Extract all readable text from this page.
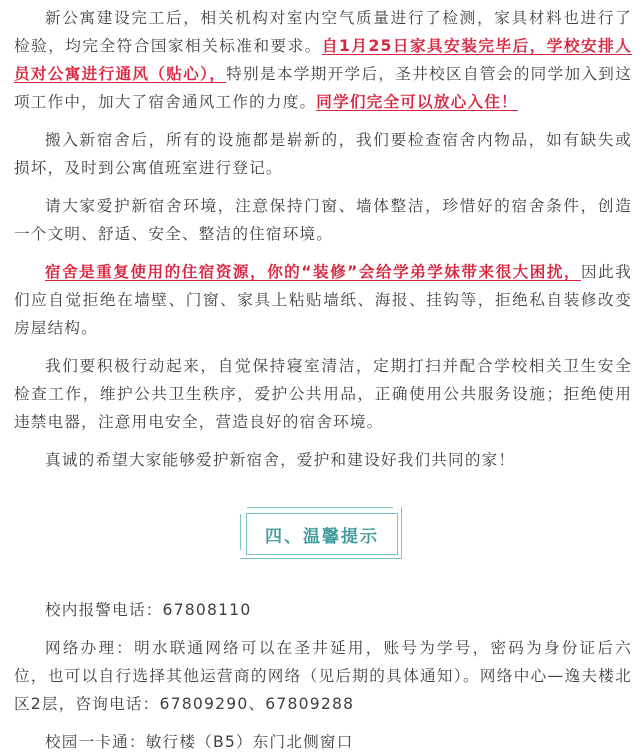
新公寓建设完工后，相关机构对室内空气质量进行了检测，家具材料也进行了检验，均完全符合国家相关标准和要求。自1月25日家具安装完毕后，学校安排人员对公寓进行通风（贴心），特别是本学期开学后，圣井校区自管会的同学加入到这项工作中，加大了宿舍通风工作的力度。同学们完全可以放心入住！

搬入新宿舍后，所有的设施都是崭新的，我们要检查宿舍内物品，如有缺失或损坏，及时到公寓值班室进行登记。

请大家爱护新宿舍环境，注意保持门窗、墙体整洁，珍惜好的宿舍条件，创造一个文明、舒适、安全、整洁的住宿环境。

宿舍是重复使用的住宿资源，你的“装修”会给学弟学妹带来很大困扰，因此我们应自觉拒绝在墙壁、门窗、家具上粘贴墙纸、海报、挂钩等，拒绝私自装修改变房屋结构。

我们要积极行动起来，自觉保持寝室清洁，定期打扫并配合学校相关卫生安全检查工作，维护公共卫生秩序，爱护公共用品，正确使用公共服务设施；拒绝使用违禁电器，注意用电安全，营造良好的宿舍环境。

真诚的希望大家能够爱护新宿舍，爱护和建设好我们共同的家！

四、温馨提示

校内报警电话：67808110

网络办理：明水联通网络可以在圣井延用，账号为学号，密码为身份证后六位，也可以自行选择其他运营商的网络（见后期的具体通知）。网络中心—逸夫楼北区2层，咨询电话：67809290、67809288

校园一卡通：敏行楼（B5）东门北侧窗口
